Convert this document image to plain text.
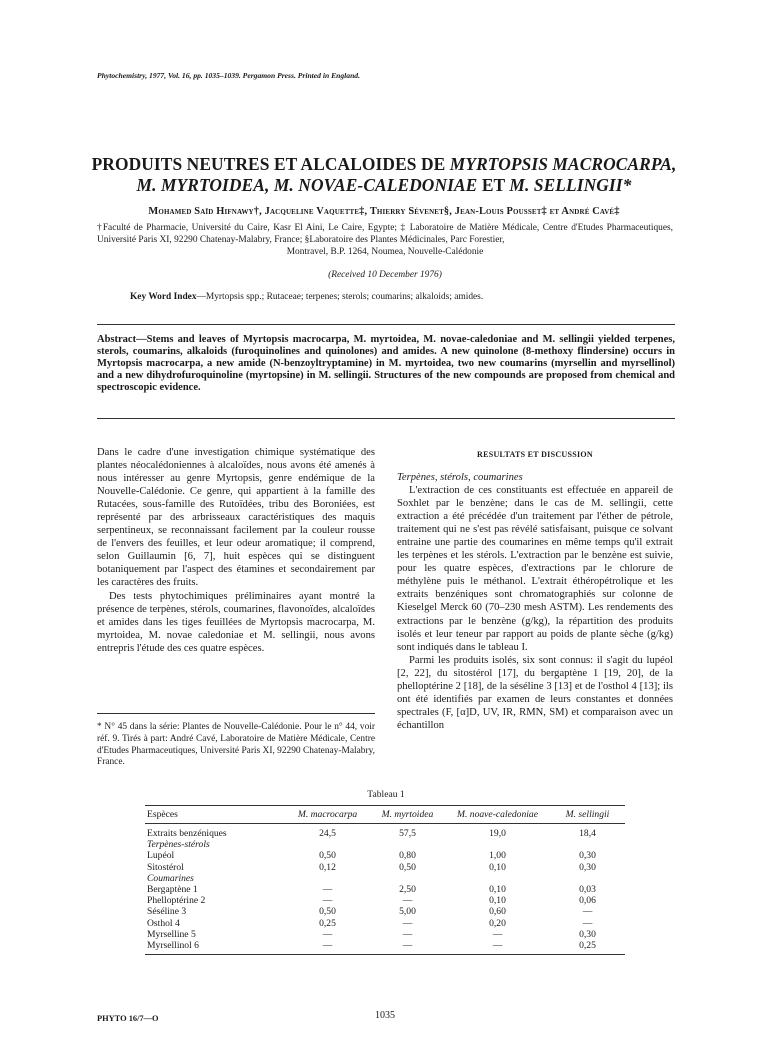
Phytochemistry, 1977, Vol. 16, pp. 1035–1039. Pergamon Press. Printed in England.
PRODUITS NEUTRES ET ALCALOIDES DE MYRTOPSIS MACROCARPA,
M. MYRTOIDEA, M. NOVAE-CALEDONIAE ET M. SELLINGII*
Mohamed Saïd Hifnawy†, Jacqueline Vaquette‡, Thierry Sévenet§, Jean-Louis Pousset‡ et André Cavé‡
†Faculté de Pharmacie, Université du Caire, Kasr El Aini, Le Caire, Egypte; ‡ Laboratoire de Matière Médicale, Centre d'Etudes Pharmaceutiques, Université Paris XI, 92290 Chatenay-Malabry, France; §Laboratoire des Plantes Médicinales, Parc Forestier,
Montravel, B.P. 1264, Noumea, Nouvelle-Calédonie
(Received 10 December 1976)
Key Word Index—Myrtopsis spp.; Rutaceae; terpenes; sterols; coumarins; alkaloids; amides.
Abstract—Stems and leaves of Myrtopsis macrocarpa, M. myrtoidea, M. novae-caledoniae and M. sellingii yielded terpenes, sterols, coumarins, alkaloids (furoquinolines and quinolones) and amides. A new quinolone (8-methoxy flindersine) occurs in Myrtopsis macrocarpa, a new amide (N-benzoyltryptamine) in M. myrtoidea, two new coumarins (myrsellin and myrsellinol) and a new dihydrofuroquinoline (myrtopsine) in M. sellingii. Structures of the new compounds are proposed from chemical and spectroscopic evidence.

Dans le cadre d'une investigation chimique systématique des plantes néocalédoniennes à alcaloïdes, nous avons été amenés à nous intéresser au genre Myrtopsis, genre endémique de la Nouvelle-Calédonie. Ce genre, qui appartient à la famille des Rutacées, sous-famille des Rutoïdées, tribu des Boroniées, est représenté par des arbrisseaux caractéristiques des maquis serpentineux, se reconnaissant facilement par la couleur rousse de l'envers des feuilles, et leur odeur aromatique; il comprend, selon Guillaumin [6, 7], huit espèces qui se distinguent botaniquement par l'aspect des étamines et secondairement par les caractères des fruits.

Des tests phytochimiques préliminaires ayant montré la présence de terpènes, stérols, coumarines, flavonoïdes, alcaloïdes et amides dans les tiges feuillées de Myrtopsis macrocarpa, M. myrtoidea, M. novae caledoniae et M. sellingii, nous avons entrepris l'étude des ces quatre espèces.

* N° 45 dans la série: Plantes de Nouvelle-Calédonie. Pour le n° 44, voir réf. 9. Tirés à part: André Cavé, Laboratoire de Matière Médicale, Centre d'Etudes Pharmaceutiques, Université Paris XI, 92290 Chatenay-Malabry, France.
RESULTATS ET DISCUSSION
Terpènes, stérols, coumarines

L'extraction de ces constituants est effectuée en appareil de Soxhlet par le benzène; dans le cas de M. sellingii, cette extraction a été précédée d'un traitement par l'éther de pétrole, traitement qui ne s'est pas révélé satisfaisant, puisque ce solvant entraine une partie des coumarines en même temps qu'il extrait les terpènes et les stérols. L'extraction par le benzène est suivie, pour les quatre espèces, d'extractions par le chlorure de méthylène puis le méthanol. L'extrait éthéropétrolique et les extraits benzéniques sont chromatographiés sur colonne de Kieselgel Merck 60 (70–230 mesh ASTM). Les rendements des extractions par le benzène (g/kg), la répartition des produits isolés et leur teneur par rapport au poids de plante sèche (g/kg) sont indiqués dans le tableau I.

Parmi les produits isolés, six sont connus: il s'agit du lupéol [2, 22], du sitostérol [17], du bergaptène 1 [19, 20], de la phelloptérine 2 [18], de la séséline 3 [13] et de l'osthol 4 [13]; ils ont été identifiés par examen de leurs constantes et données spectrales (F, [α]D, UV, IR, RMN, SM) et comparaison avec un échantillon

Tableau 1
Espèces	M. macrocarpa	M. myrtoidea	M. noave-caledoniae	M. sellingii

Extraits benzéniques	24,5	57,5	19,0	18,4
Terpènes-stérols				
Lupéol	0,50	0,80	1,00	0,30
Sitostérol	0,12	0,50	0,10	0,30
Coumarines				
Bergaptène 1	—	2,50	0,10	0,03
Phelloptérine 2	—	—	0,10	0,06
Séséline 3	0,50	5,00	0,60	—
Osthol 4	0,25	—	0,20	—
Myrselline 5	—	—	—	0,30
Myrsellinol 6	—	—	—	0,25
PHYTO 16/7—O	1035
